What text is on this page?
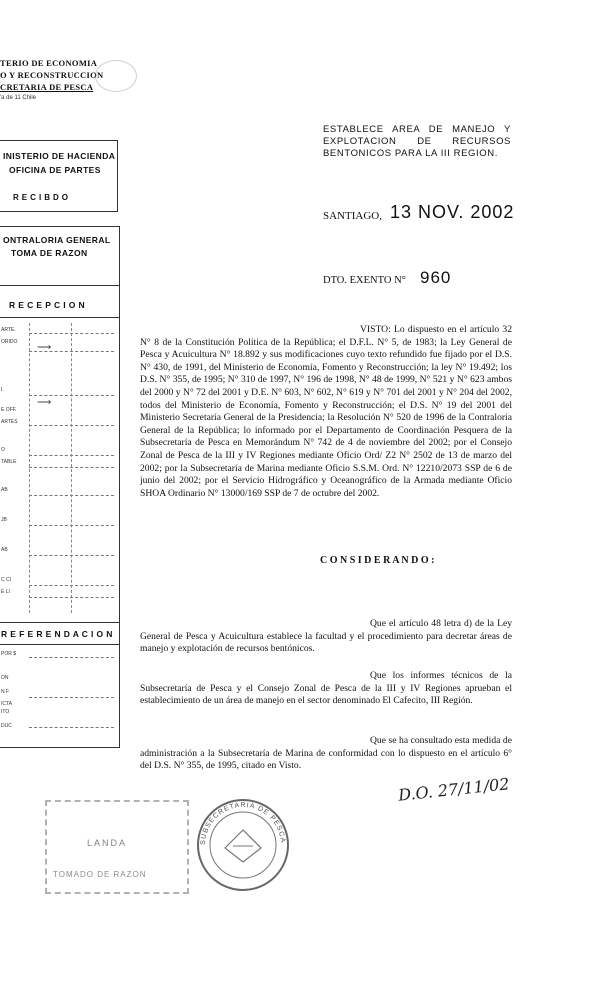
TERIO DE ECONOMIA
O Y RECONSTRUCCION
CRETARIA DE PESCA
'a de 11 Chile
INISTERIO DE HACIENDA
OFICINA DE PARTES
R E C I B D O
ONTRALORIA GENERAL
TOMA DE RAZON
R E C E P C I O N
ARTE.
ORIDO
I.
E OFF.
ARTES
O
TABLE
AB
JB
AB
C CI
E LI
⟶
⟶
R E F E R E N D A C I O N
POR $
ON
N F
ICTA
ITO
DUC
ESTABLECE AREA DE MANEJO Y EXPLOTACION DE RECURSOS BENTONICOS PARA LA III REGION.
SANTIAGO, 13 NOV. 2002
DTO. EXENTO N° 960
VISTO: Lo dispuesto en el artículo 32 N° 8 de la Constitución Política de la República; el D.F.L. N° 5, de 1983; la Ley General de Pesca y Acuicultura N° 18.892 y sus modificaciones cuyo texto refundido fue fijado por el D.S. N° 430, de 1991, del Ministerio de Economía, Fomento y Reconstrucción; la ley N° 19.492; los D.S. N° 355, de 1995; N° 310 de 1997, N° 196 de 1998, N° 48 de 1999, N° 521 y N° 623 ambos del 2000 y N° 72 del 2001 y D.E. N° 603, N° 602, N° 619 y N° 701 del 2001 y N° 204 del 2002, todos del Ministerio de Economía, Fomento y Reconstrucción; el D.S. N° 19 del 2001 del Ministerio Secretaría General de la Presidencia; la Resolución N° 520 de 1996 de la Contraloría General de la República; lo informado por el Departamento de Coordinación Pesquera de la Subsecretaría de Pesca en Memorándum N° 742 de 4 de noviembre del 2002; por el Consejo Zonal de Pesca de la III y IV Regiones mediante Oficio Ord/ Z2 N° 2502 de 13 de marzo del 2002; por la Subsecretaría de Marina mediante Oficio S.S.M. Ord. N° 12210/2073 SSP de 6 de junio del 2002; por el Servicio Hidrográfico y Oceanográfico de la Armada mediante Oficio SHOA Ordinario N° 13000/169 SSP de 7 de octubre del 2002.
C O N S I D E R A N D O :
Que el artículo 48 letra d) de la Ley General de Pesca y Acuicultura establece la facultad y el procedimiento para decretar áreas de manejo y explotación de recursos bentónicos.
Que los informes técnicos de la Subsecretaría de Pesca y el Consejo Zonal de Pesca de la III y IV Regiones aprueban el establecimiento de un área de manejo en el sector denominado El Cafecito, III Región.
Que se ha consultado esta medida de administración a la Subsecretaría de Marina de conformidad con lo dispuesto en el artículo 6° del D.S. N° 355, de 1995, citado en Visto.
D.O. 27/11/02
LANDA
TOMADO DE RAZON
SUBSECRETARIA DE PESCA
